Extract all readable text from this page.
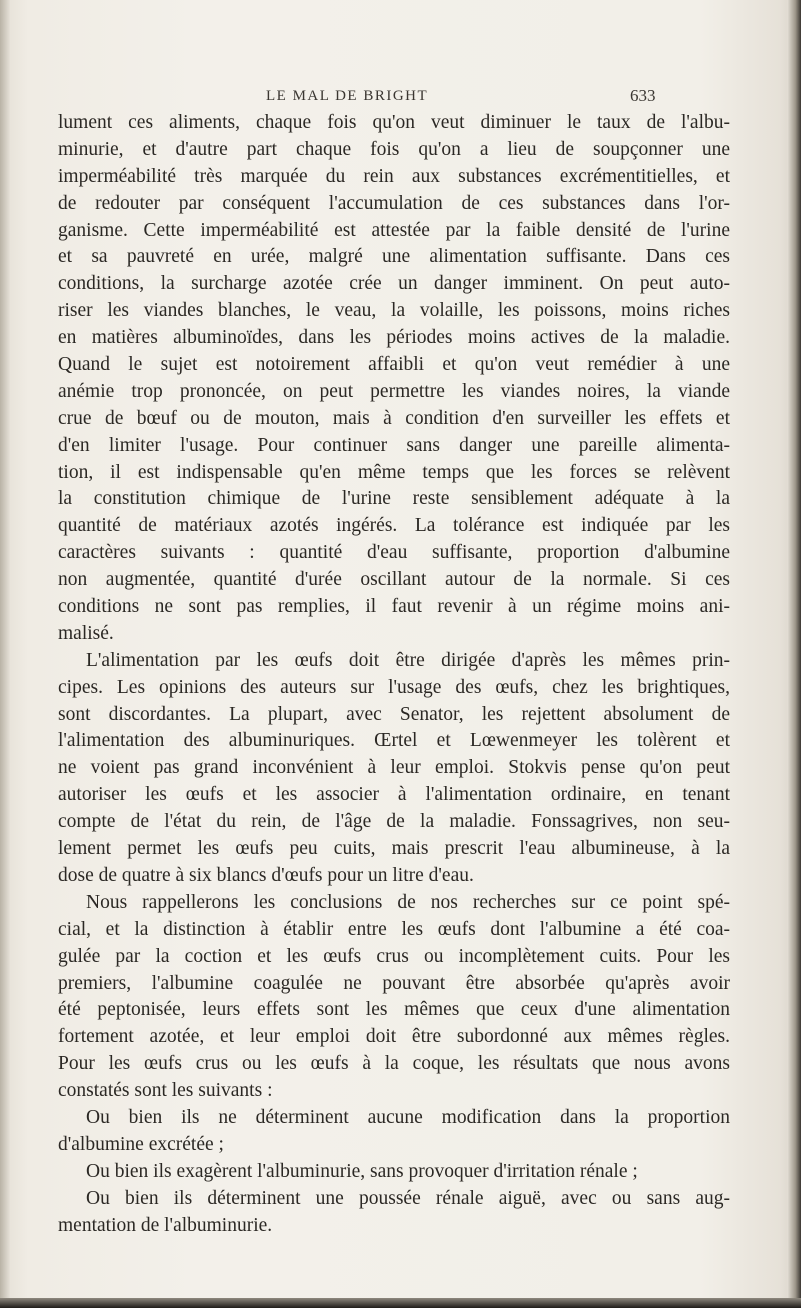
LE MAL DE BRIGHT	633
lument ces aliments, chaque fois qu'on veut diminuer le taux de l'albu-
minurie, et d'autre part chaque fois qu'on a lieu de soupçonner une
imperméabilité très marquée du rein aux substances excrémentitielles, et
de redouter par conséquent l'accumulation de ces substances dans l'or-
ganisme. Cette imperméabilité est attestée par la faible densité de l'urine
et sa pauvreté en urée, malgré une alimentation suffisante. Dans ces
conditions, la surcharge azotée crée un danger imminent. On peut auto-
riser les viandes blanches, le veau, la volaille, les poissons, moins riches
en matières albuminoïdes, dans les périodes moins actives de la maladie.
Quand le sujet est notoirement affaibli et qu'on veut remédier à une
anémie trop prononcée, on peut permettre les viandes noires, la viande
crue de bœuf ou de mouton, mais à condition d'en surveiller les effets et
d'en limiter l'usage. Pour continuer sans danger une pareille alimenta-
tion, il est indispensable qu'en même temps que les forces se relèvent
la constitution chimique de l'urine reste sensiblement adéquate à la
quantité de matériaux azotés ingérés. La tolérance est indiquée par les
caractères suivants : quantité d'eau suffisante, proportion d'albumine
non augmentée, quantité d'urée oscillant autour de la normale. Si ces
conditions ne sont pas remplies, il faut revenir à un régime moins ani-
malisé.
L'alimentation par les œufs doit être dirigée d'après les mêmes prin-
cipes. Les opinions des auteurs sur l'usage des œufs, chez les brightiques,
sont discordantes. La plupart, avec Senator, les rejettent absolument de
l'alimentation des albuminuriques. Œrtel et Lœwenmeyer les tolèrent et
ne voient pas grand inconvénient à leur emploi. Stokvis pense qu'on peut
autoriser les œufs et les associer à l'alimentation ordinaire, en tenant
compte de l'état du rein, de l'âge de la maladie. Fonssagrives, non seu-
lement permet les œufs peu cuits, mais prescrit l'eau albumineuse, à la
dose de quatre à six blancs d'œufs pour un litre d'eau.
Nous rappellerons les conclusions de nos recherches sur ce point spé-
cial, et la distinction à établir entre les œufs dont l'albumine a été coa-
gulée par la coction et les œufs crus ou incomplètement cuits. Pour les
premiers, l'albumine coagulée ne pouvant être absorbée qu'après avoir
été peptonisée, leurs effets sont les mêmes que ceux d'une alimentation
fortement azotée, et leur emploi doit être subordonné aux mêmes règles.
Pour les œufs crus ou les œufs à la coque, les résultats que nous avons
constatés sont les suivants :
Ou bien ils ne déterminent aucune modification dans la proportion
d'albumine excrétée ;
Ou bien ils exagèrent l'albuminurie, sans provoquer d'irritation rénale ;
Ou bien ils déterminent une poussée rénale aiguë, avec ou sans aug-
mentation de l'albuminurie.
